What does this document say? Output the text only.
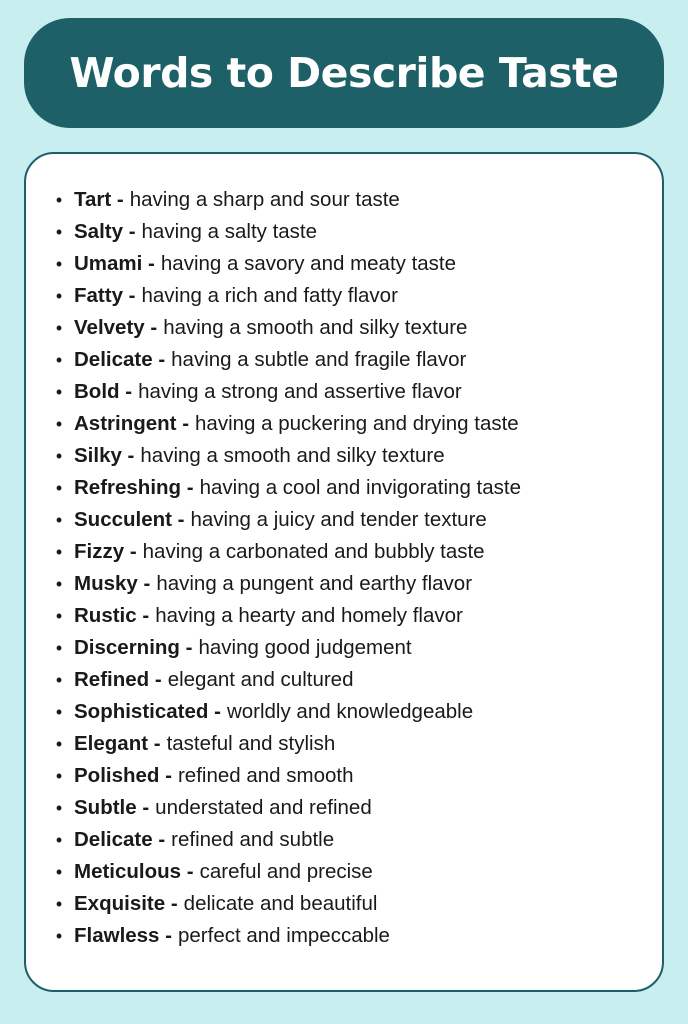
Words to Describe Taste
• Tart - having a sharp and sour taste
• Salty - having a salty taste
• Umami - having a savory and meaty taste
• Fatty - having a rich and fatty flavor
• Velvety - having a smooth and silky texture
• Delicate - having a subtle and fragile flavor
• Bold - having a strong and assertive flavor
• Astringent - having a puckering and drying taste
• Silky - having a smooth and silky texture
• Refreshing - having a cool and invigorating taste
• Succulent - having a juicy and tender texture
• Fizzy - having a carbonated and bubbly taste
• Musky - having a pungent and earthy flavor
• Rustic - having a hearty and homely flavor
• Discerning - having good judgement
• Refined - elegant and cultured
• Sophisticated - worldly and knowledgeable
• Elegant - tasteful and stylish
• Polished - refined and smooth
• Subtle - understated and refined
• Delicate - refined and subtle
• Meticulous - careful and precise
• Exquisite - delicate and beautiful
• Flawless - perfect and impeccable
